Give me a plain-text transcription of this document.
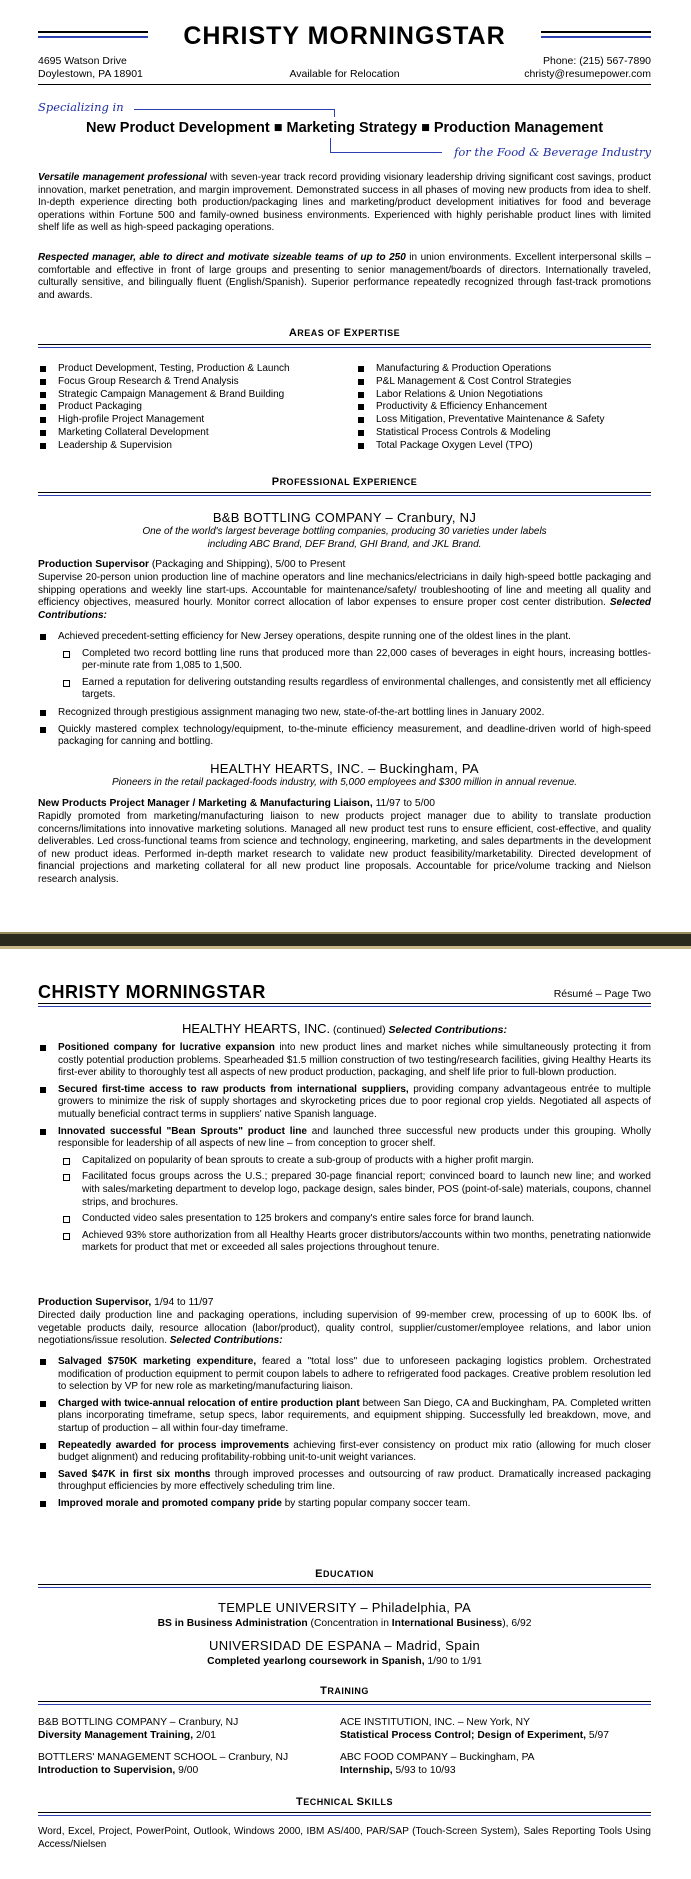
CHRISTY MORNINGSTAR
4695 Watson Drive
Doylestown, PA 18901	Available for Relocation
Phone: (215) 567-7890
christy@resumepower.com
Specializing in
New Product Development ■ Marketing Strategy ■ Production Management
for the Food & Beverage Industry
Versatile management professional with seven-year track record providing visionary leadership driving significant cost savings, product innovation, market penetration, and margin improvement. Demonstrated success in all phases of moving new products from idea to shelf. In-depth experience directing both production/packaging lines and marketing/product development initiatives for food and beverage operations within Fortune 500 and family-owned business environments. Experienced with highly perishable product lines with limited shelf life as well as high-speed packaging operations.
Respected manager, able to direct and motivate sizeable teams of up to 250 in union environments. Excellent interpersonal skills – comfortable and effective in front of large groups and presenting to senior management/boards of directors. Internationally traveled, culturally sensitive, and bilingually fluent (English/Spanish). Superior performance repeatedly recognized through fast-track promotions and awards.
AREAS OF EXPERTISE
Product Development, Testing, Production & Launch
Focus Group Research & Trend Analysis
Strategic Campaign Management & Brand Building
Product Packaging
High-profile Project Management
Marketing Collateral Development
Leadership & Supervision
Manufacturing & Production Operations
P&L Management & Cost Control Strategies
Labor Relations & Union Negotiations
Productivity & Efficiency Enhancement
Loss Mitigation, Preventative Maintenance & Safety
Statistical Process Controls & Modeling
Total Package Oxygen Level (TPO)
PROFESSIONAL EXPERIENCE
B&B BOTTLING COMPANY – Cranbury, NJ
One of the world's largest beverage bottling companies, producing 30 varieties under labels
including ABC Brand, DEF Brand, GHI Brand, and JKL Brand.
Production Supervisor (Packaging and Shipping), 5/00 to Present
Supervise 20-person union production line of machine operators and line mechanics/electricians in daily high-speed bottle packaging and shipping operations and weekly line start-ups. Accountable for maintenance/safety/ troubleshooting of line and meeting all quality and efficiency objectives, measured hourly. Monitor correct allocation of labor expenses to ensure proper cost center distribution. Selected Contributions:
Achieved precedent-setting efficiency for New Jersey operations, despite running one of the oldest lines in the plant.
Completed two record bottling line runs that produced more than 22,000 cases of beverages in eight hours, increasing bottles-per-minute rate from 1,085 to 1,500.
Earned a reputation for delivering outstanding results regardless of environmental challenges, and consistently met all efficiency targets.
Recognized through prestigious assignment managing two new, state-of-the-art bottling lines in January 2002.
Quickly mastered complex technology/equipment, to-the-minute efficiency measurement, and deadline-driven world of high-speed packaging for canning and bottling.
HEALTHY HEARTS, INC. – Buckingham, PA
Pioneers in the retail packaged-foods industry, with 5,000 employees and $300 million in annual revenue.
New Products Project Manager / Marketing & Manufacturing Liaison, 11/97 to 5/00
Rapidly promoted from marketing/manufacturing liaison to new products project manager due to ability to translate production concerns/limitations into innovative marketing solutions. Managed all new product test runs to ensure efficient, cost-effective, and quality deliverables. Led cross-functional teams from science and technology, engineering, marketing, and sales departments in the development of new product ideas. Performed in-depth market research to validate new product feasibility/marketability. Directed development of financial projections and marketing collateral for all new product line proposals. Accountable for price/volume tracking and Nielson research analysis.
CHRISTY MORNINGSTAR	Résumé – Page Two
HEALTHY HEARTS, INC. (continued) Selected Contributions:
Positioned company for lucrative expansion into new product lines and market niches while simultaneously protecting it from costly potential production problems. Spearheaded $1.5 million construction of two testing/research facilities, giving Healthy Hearts its first-ever ability to thoroughly test all aspects of new product production, packaging, and shelf life prior to full-blown production.
Secured first-time access to raw products from international suppliers, providing company advantageous entrée to multiple growers to minimize the risk of supply shortages and skyrocketing prices due to poor regional crop yields. Negotiated all aspects of mutually beneficial contract terms in suppliers' native Spanish language.
Innovated successful "Bean Sprouts" product line and launched three successful new products under this grouping. Wholly responsible for leadership of all aspects of new line – from conception to grocer shelf.
Capitalized on popularity of bean sprouts to create a sub-group of products with a higher profit margin.
Facilitated focus groups across the U.S.; prepared 30-page financial report; convinced board to launch new line; and worked with sales/marketing department to develop logo, package design, sales binder, POS (point-of-sale) materials, coupons, channel strips, and brochures.
Conducted video sales presentation to 125 brokers and company's entire sales force for brand launch.
Achieved 93% store authorization from all Healthy Hearts grocer distributors/accounts within two months, penetrating nationwide markets for product that met or exceeded all sales projections throughout tenure.
Production Supervisor, 1/94 to 11/97
Directed daily production line and packaging operations, including supervision of 99-member crew, processing of up to 600K lbs. of vegetable products daily, resource allocation (labor/product), quality control, supplier/customer/employee relations, and labor union negotiations/issue resolution. Selected Contributions:
Salvaged $750K marketing expenditure, feared a "total loss" due to unforeseen packaging logistics problem. Orchestrated modification of production equipment to permit coupon labels to adhere to refrigerated food packages. Creative problem resolution led to selection by VP for new role as marketing/manufacturing liaison.
Charged with twice-annual relocation of entire production plant between San Diego, CA and Buckingham, PA. Completed written plans incorporating timeframe, setup specs, labor requirements, and equipment shipping. Successfully led breakdown, move, and startup of production – all within four-day timeframe.
Repeatedly awarded for process improvements achieving first-ever consistency on product mix ratio (allowing for much closer budget alignment) and reducing profitability-robbing unit-to-unit weight variances.
Saved $47K in first six months through improved processes and outsourcing of raw product. Dramatically increased packaging throughput efficiencies by more effectively scheduling trim line.
Improved morale and promoted company pride by starting popular company soccer team.
EDUCATION
TEMPLE UNIVERSITY – Philadelphia, PA
BS in Business Administration (Concentration in International Business), 6/92
UNIVERSIDAD DE ESPANA – Madrid, Spain
Completed yearlong coursework in Spanish, 1/90 to 1/91
TRAINING
B&B BOTTLING COMPANY – Cranbury, NJ
Diversity Management Training, 2/01
ACE INSTITUTION, INC. – New York, NY
Statistical Process Control; Design of Experiment, 5/97
BOTTLERS' MANAGEMENT SCHOOL – Cranbury, NJ
Introduction to Supervision, 9/00
ABC FOOD COMPANY – Buckingham, PA
Internship, 5/93 to 10/93
TECHNICAL SKILLS
Word, Excel, Project, PowerPoint, Outlook, Windows 2000, IBM AS/400, PAR/SAP (Touch-Screen System), Sales Reporting Tools Using Access/Nielsen
